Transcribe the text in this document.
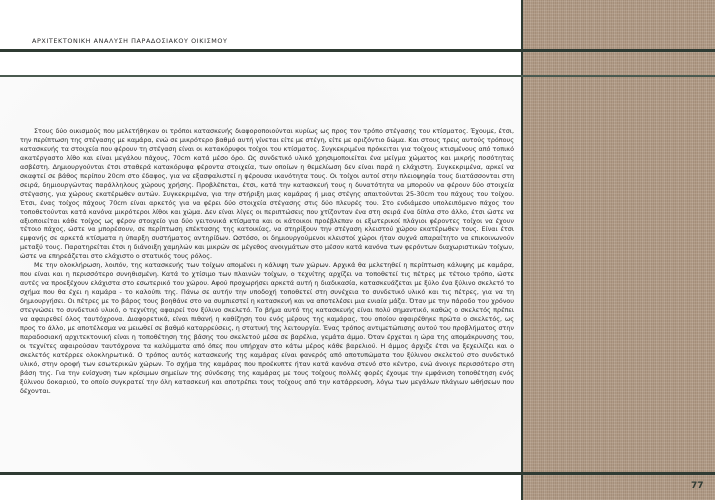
ΑΡΧΙΤΕΚΤΟΝΙΚΗ ΑΝΑΛΥΣΗ ΠΑΡΑΔΟΣΙΑΚΟΥ ΟΙΚΙΣΜΟΥ

Στους δύο οικισμούς που μελετήθηκαν οι τρόποι κατασκευής διαφοροποιούνται κυρίως ως προς τον τρόπο στέγασης του κτίσματος. Έχουμε, έτσι, την περίπτωση της στέγασης με καμάρα, ενώ σε μικρότερο βαθμό αυτή γίνεται είτε με στέγη, είτε με οριζόντιο δώμα. Και στους τρεις αυτούς τρόπους κατασκευής τα στοιχεία που φέρουν τη στέγαση είναι οι κατακόρυφοι τοίχοι του κτίσματος. Συγκεκριμένα πρόκειται για τοίχους κτισμένους από τοπικό ακατέργαστο λίθο και είναι μεγάλου πάχους, 70cm κατά μέσο όρο. Ως συνδετικό υλικό χρησιμοποιείται ένα μείγμα χώματος και μικρής ποσότητας ασβέστη. Δημιουργούνται έτσι σταθερά κατακόρυφα φέροντα στοιχεία, των οποίων η θεμελίωση δεν είναι παρά η ελάχιστη. Συγκεκριμένα, αρκεί να σκαφτεί σε βάθος περίπου 20cm στο έδαφος, για να εξασφαλιστεί η φέρουσα ικανότητα τους. Οι τοίχοι αυτοί στην πλειοψηφία τους διατάσσονται στη σειρά, δημιουργώντας παράλληλους χώρους χρήσης. Προβλέπεται, έτσι, κατά την κατασκευή τους η δυνατότητα να μπορούν να φέρουν δύο στοιχεία στέγασης, για χώρους εκατέρωθεν αυτών. Συγκεκριμένα, για την στήριξη μιας καμάρας ή μιας στέγης απαιτούνται 25-30cm του πάχους του τοίχου. Έτσι, ένας τοίχος πάχους 70cm είναι αρκετός για να φέρει δύο στοιχεία στέγασης στις δύο πλευρές του. Στο ενδιάμεσο υπολειπόμενο πάχος του τοποθετούνται κατά κανόνα μικρότεροι λίθοι και χώμα. Δεν είναι λίγες οι περιπτώσεις που χτίζονταν ένα στη σειρά ένα δίπλα στο άλλο, έτσι ώστε να αξιοποιείται κάθε τοίχος ως φέρον στοιχείο για δύο γειτονικά κτίσματα και οι κάτοικοι προέβλεπαν οι εξωτερικοί πλάγιοι φέροντες τοίχοι να έχουν τέτοιο πάχος, ώστε να μπορέσουν, σε περίπτωση επέκτασης της κατοικίας, να στηρίξουν την στέγαση κλειστού χώρου εκατέρωθεν τους. Είναι έτσι εμφανής σε αρκετά κτίσματα η ύπαρξη συστήματος αντηρίδων. Ωστόσο, οι δημιουργούμενοι κλειστοί χώροι ήταν συχνά απαραίτητο να επικοινωνούν μεταξύ τους. Παρατηρείται έτσι η διάνοιξη χαμηλών και μικρών σε μέγεθος ανοιγμάτων στο μέσον κατά κανόνα των φερόντων διαχωριστικών τοίχων, ώστε να επηρεάζεται στο ελάχιστο ο στατικός τους ρόλος.

Με την ολοκλήρωση, λοιπόν, της κατασκευής των τοίχων απομένει η κάλυψη των χώρων. Αρχικά θα μελετηθεί η περίπτωση κάλυψης με καμάρα, που είναι και η περισσότερο συνηθισμένη. Κατά το χτίσιμο των πλαινών τοίχων, ο τεχνίτης αρχίζει να τοποθετεί τις πέτρες με τέτοιο τρόπο, ώστε αυτές να προεξέχουν ελάχιστα στο εσωτερικό του χώρου. Αφού προχωρήσει αρκετά αυτή η διαδικασία, κατασκευάζεται με ξύλο ένα ξύλινο σκελετό το σχήμα που θα έχει η καμάρα - το καλούπι της. Πάνω σε αυτήν την υποδοχή τοποθετεί στη συνέχεια το συνδετικό υλικό και τις πέτρες, για να τη δημιουργήσει. Οι πέτρες με το βάρος τους βοηθάνε στο να συμπιεστεί η κατασκευή και να αποτελέσει μια ενιαία μάζα. Όταν με την πάροδο του χρόνου στεγνώσει το συνδετικό υλικό, ο τεχνίτης αφαιρεί τον ξύλινο σκελετό. Το βήμα αυτό της κατασκευής είναι πολύ σημαντικό, καθώς ο σκελετός πρέπει να αφαιρεθεί όλος ταυτόχρονα. Διαφορετικά, είναι πιθανή η καθίζηση του ενός μέρους της καμάρας, του οποίου αφαιρέθηκε πρώτα ο σκελετός, ως προς το άλλο, με αποτέλεσμα να μειωθεί σε βαθμό καταρρεύσεις, η στατική της λειτουργία. Ένας τρόπος αντιμετώπισης αυτού του προβλήματος στην παραδοσιακή αρχιτεκτονική είναι η τοποθέτηση της βάσης του σκελετού μέσα σε βαρέλια, γεμάτα άμμο. Όταν έρχεται η ώρα της απομάκρυνσης του, οι τεχνίτες αφαιρούσαν ταυτόχρονα τα καλύμματα από όπες που υπήρχαν στο κάτω μέρος κάθε βαρελιού. Η άμμος άρχιζε έτσι να ξεχειλίζει και ο σκελετός κατέρρεε ολοκληρωτικά. Ο τρόπος αυτός κατασκευής της καμάρας είναι φανερός από αποτυπώματα του ξύλινου σκελετού στο συνδετικό υλικό, στην οροφή των εσωτερικών χώρων. Το σχήμα της καμάρας που προέκυπτε ήταν κατά κανόνα στενό στο κέντρο, ενώ άνοιγε περισσότερο στη βάση της. Για την ενίσχυση των κρίσιμων σημείων της σύνδεσης της καμάρας με τους τοίχους πολλές φορές έχουμε την εμφάνιση τοποθέτηση ενός ξύλινου δοκαριού, το οποίο συγκρατεί την όλη κατασκευή και αποτρέπει τους τοίχους από την κατάρρευση, λόγω των μεγάλων πλάγιων ωθήσεων που δέχονται.

77
